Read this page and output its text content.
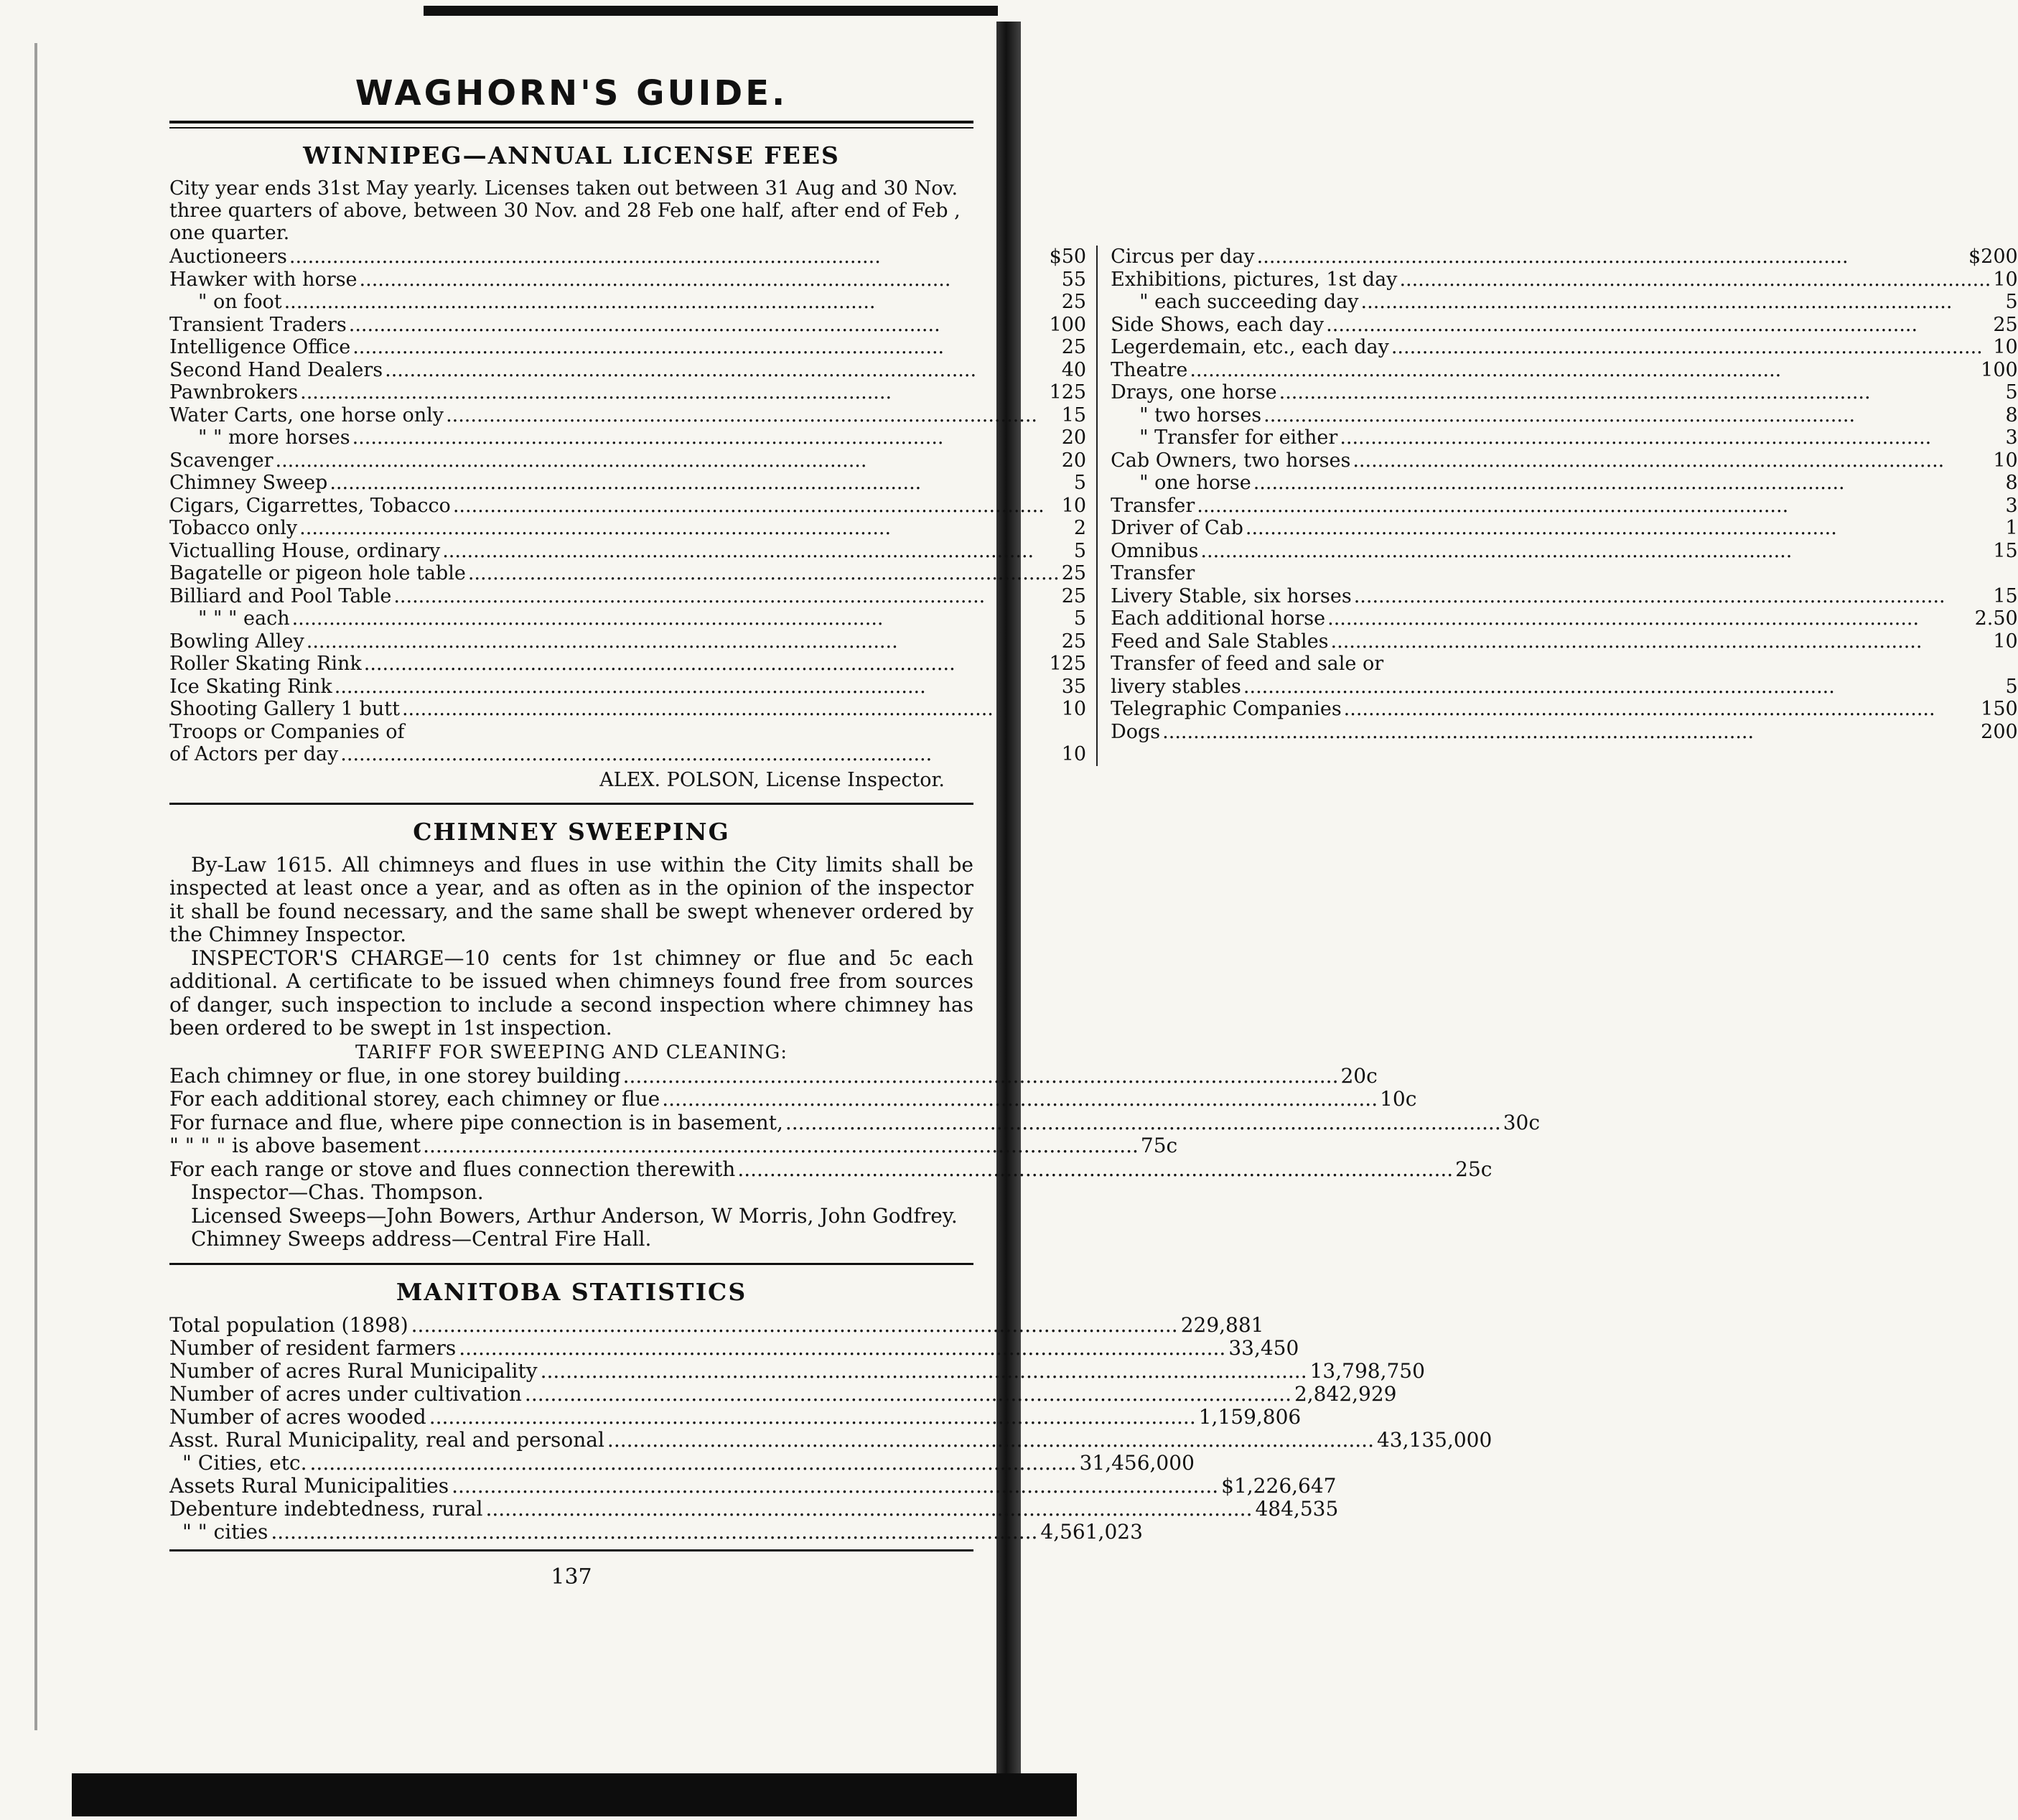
WAGHORN'S GUIDE.
WINNIPEG—ANNUAL LICENSE FEES

City year ends 31st May yearly. Licenses taken out between 31 Aug and 30 Nov. three quarters of above, between 30 Nov. and 28 Feb one half, after end of Feb , one quarter.

Auctioneers .....	$50
Hawker with horse .....	55
" on foot .....	25
Transient Traders .....	100
Intelligence Office .....	25
Second Hand Dealers .....	40
Pawnbrokers .....	125
Water Carts, one horse only .....	15
" " more horses .....	20
Scavenger .....	20
Chimney Sweep .....	5
Cigars, Cigarrettes, Tobacco .....	10
Tobacco only .....	2
Victualling House, ordinary .....	5
Bagatelle or pigeon hole table .....	25
Billiard and Pool Table .....	25
" " " each .....	5
Bowling Alley .....	25
Roller Skating Rink .....	125
Ice Skating Rink .....	35
Shooting Gallery 1 butt .....	10
Troops or Companies of
of Actors per day .....	10
Circus per day .....	$200
Exhibitions, pictures, 1st day .....	10
" each succeeding day .....	5
Side Shows, each day .....	25
Legerdemain, etc., each day .....	10
Theatre .....	100
Drays, one horse .....	5
" two horses .....	8
" Transfer for either .....	3
Cab Owners, two horses .....	10
" one horse .....	8
Transfer .....	3
Driver of Cab .....	1
Omnibus .....	15
Transfer
Livery Stable, six horses .....	15
Each additional horse .....	2.50
Feed and Sale Stables .....	10
Transfer of feed and sale or
livery stables .....	5
Telegraphic Companies .....	150
Dogs .....	200

ALEX. POLSON, License Inspector.

CHIMNEY SWEEPING

By-Law 1615. All chimneys and flues in use within the City limits shall be inspected at least once a year, and as often as in the opinion of the inspector it shall be found necessary, and the same shall be swept whenever ordered by the Chimney Inspector.

INSPECTOR'S CHARGE—10 cents for 1st chimney or flue and 5c each additional. A certificate to be issued when chimneys found free from sources of danger, such inspection to include a second inspection where chimney has been ordered to be swept in 1st inspection.

TARIFF FOR SWEEPING AND CLEANING:

Each chimney or flue, in one storey building .....	20c
For each additional storey, each chimney or flue .....	10c
For furnace and flue, where pipe connection is in basement, .....	30c
" " " " is above basement .....	75c
For each range or stove and flues connection therewith .....	25c

Inspector—Chas. Thompson.

Licensed Sweeps—John Bowers, Arthur Anderson, W Morris, John Godfrey.

Chimney Sweeps address—Central Fire Hall.

MANITOBA STATISTICS
Total population (1898) .....	229,881
Number of resident farmers .....	33,450
Number of acres Rural Municipality .....	13,798,750
Number of acres under cultivation .....	2,842,929
Number of acres wooded .....	1,159,806
Asst. Rural Municipality, real and personal .....	43,135,000
" Cities, etc. .....	31,456,000
Assets Rural Municipalities .....	$1,226,647
Debenture indebtedness, rural .....	484,535
" " cities .....	4,561,023
137
